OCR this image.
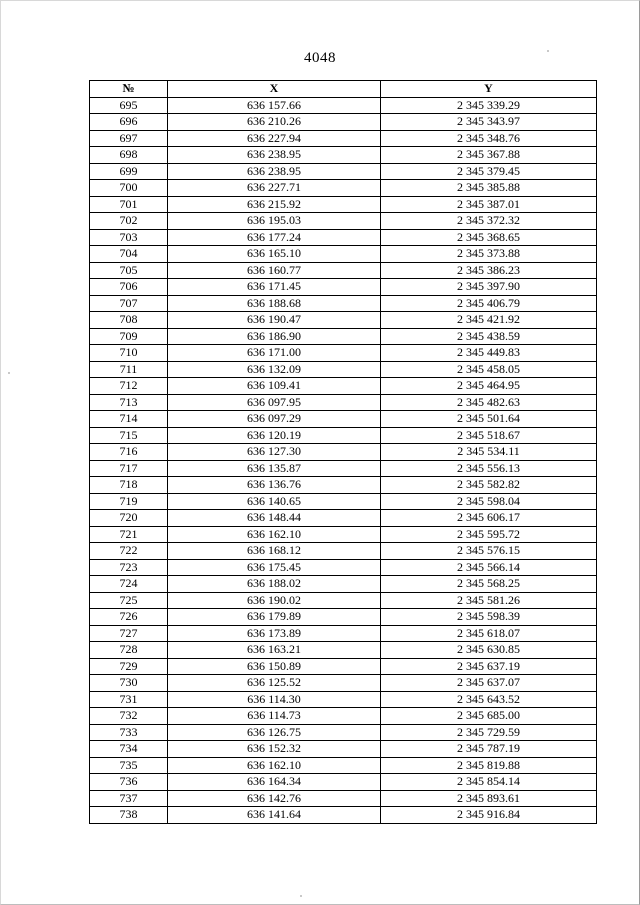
4048
№	X	Y
695	636 157.66	2 345 339.29
696	636 210.26	2 345 343.97
697	636 227.94	2 345 348.76
698	636 238.95	2 345 367.88
699	636 238.95	2 345 379.45
700	636 227.71	2 345 385.88
701	636 215.92	2 345 387.01
702	636 195.03	2 345 372.32
703	636 177.24	2 345 368.65
704	636 165.10	2 345 373.88
705	636 160.77	2 345 386.23
706	636 171.45	2 345 397.90
707	636 188.68	2 345 406.79
708	636 190.47	2 345 421.92
709	636 186.90	2 345 438.59
710	636 171.00	2 345 449.83
711	636 132.09	2 345 458.05
712	636 109.41	2 345 464.95
713	636 097.95	2 345 482.63
714	636 097.29	2 345 501.64
715	636 120.19	2 345 518.67
716	636 127.30	2 345 534.11
717	636 135.87	2 345 556.13
718	636 136.76	2 345 582.82
719	636 140.65	2 345 598.04
720	636 148.44	2 345 606.17
721	636 162.10	2 345 595.72
722	636 168.12	2 345 576.15
723	636 175.45	2 345 566.14
724	636 188.02	2 345 568.25
725	636 190.02	2 345 581.26
726	636 179.89	2 345 598.39
727	636 173.89	2 345 618.07
728	636 163.21	2 345 630.85
729	636 150.89	2 345 637.19
730	636 125.52	2 345 637.07
731	636 114.30	2 345 643.52
732	636 114.73	2 345 685.00
733	636 126.75	2 345 729.59
734	636 152.32	2 345 787.19
735	636 162.10	2 345 819.88
736	636 164.34	2 345 854.14
737	636 142.76	2 345 893.61
738	636 141.64	2 345 916.84
